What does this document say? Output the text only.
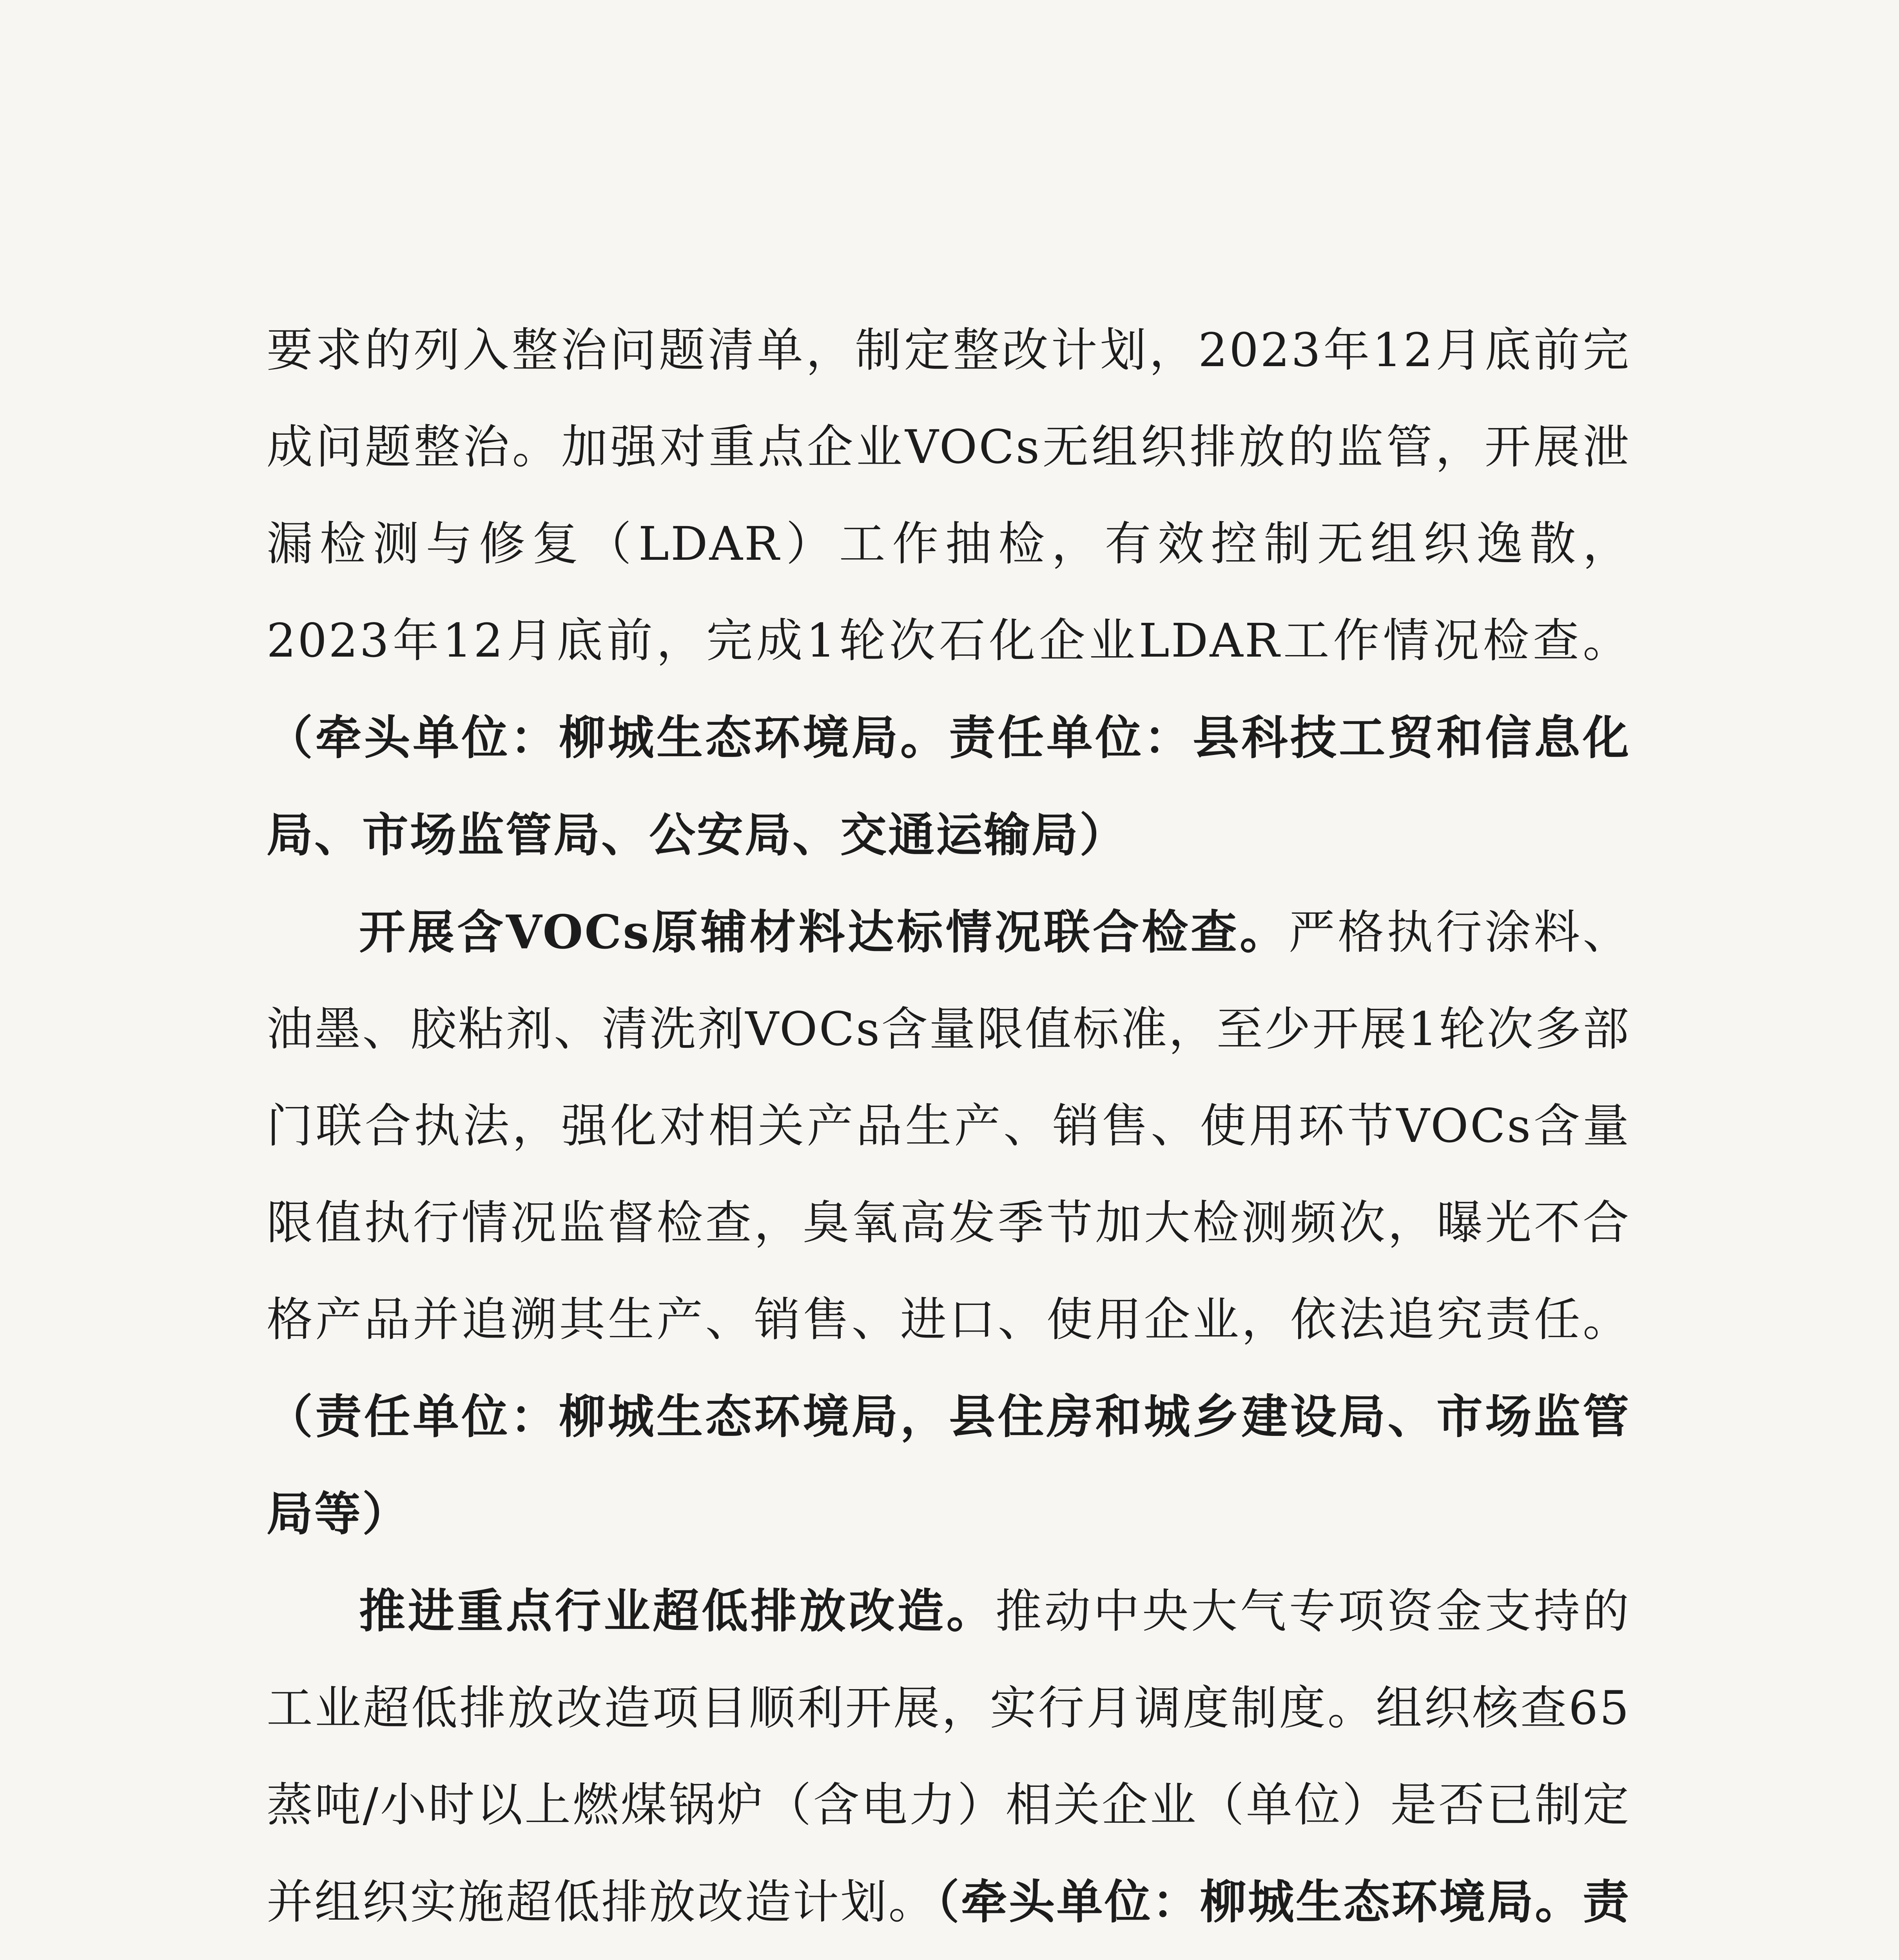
要求的列入整治问题清单，制定整改计划，2023年12月底前完成问题整治。加强对重点企业VOCs无组织排放的监管，开展泄漏检测与修复（LDAR）工作抽检，有效控制无组织逸散，2023年12月底前，完成1轮次石化企业LDAR工作情况检查。（牵头单位：柳城生态环境局。责任单位：县科技工贸和信息化局、市场监管局、公安局、交通运输局）

开展含VOCs原辅材料达标情况联合检查。严格执行涂料、油墨、胶粘剂、清洗剂VOCs含量限值标准，至少开展1轮次多部门联合执法，强化对相关产品生产、销售、使用环节VOCs含量限值执行情况监督检查，臭氧高发季节加大检测频次，曝光不合格产品并追溯其生产、销售、进口、使用企业，依法追究责任。（责任单位：柳城生态环境局，县住房和城乡建设局、市场监管局等）

推进重点行业超低排放改造。推动中央大气专项资金支持的工业超低排放改造项目顺利开展，实行月调度制度。组织核查65蒸吨/小时以上燃煤锅炉（含电力）相关企业（单位）是否已制定并组织实施超低排放改造计划。（牵头单位：柳城生态环境局。责
